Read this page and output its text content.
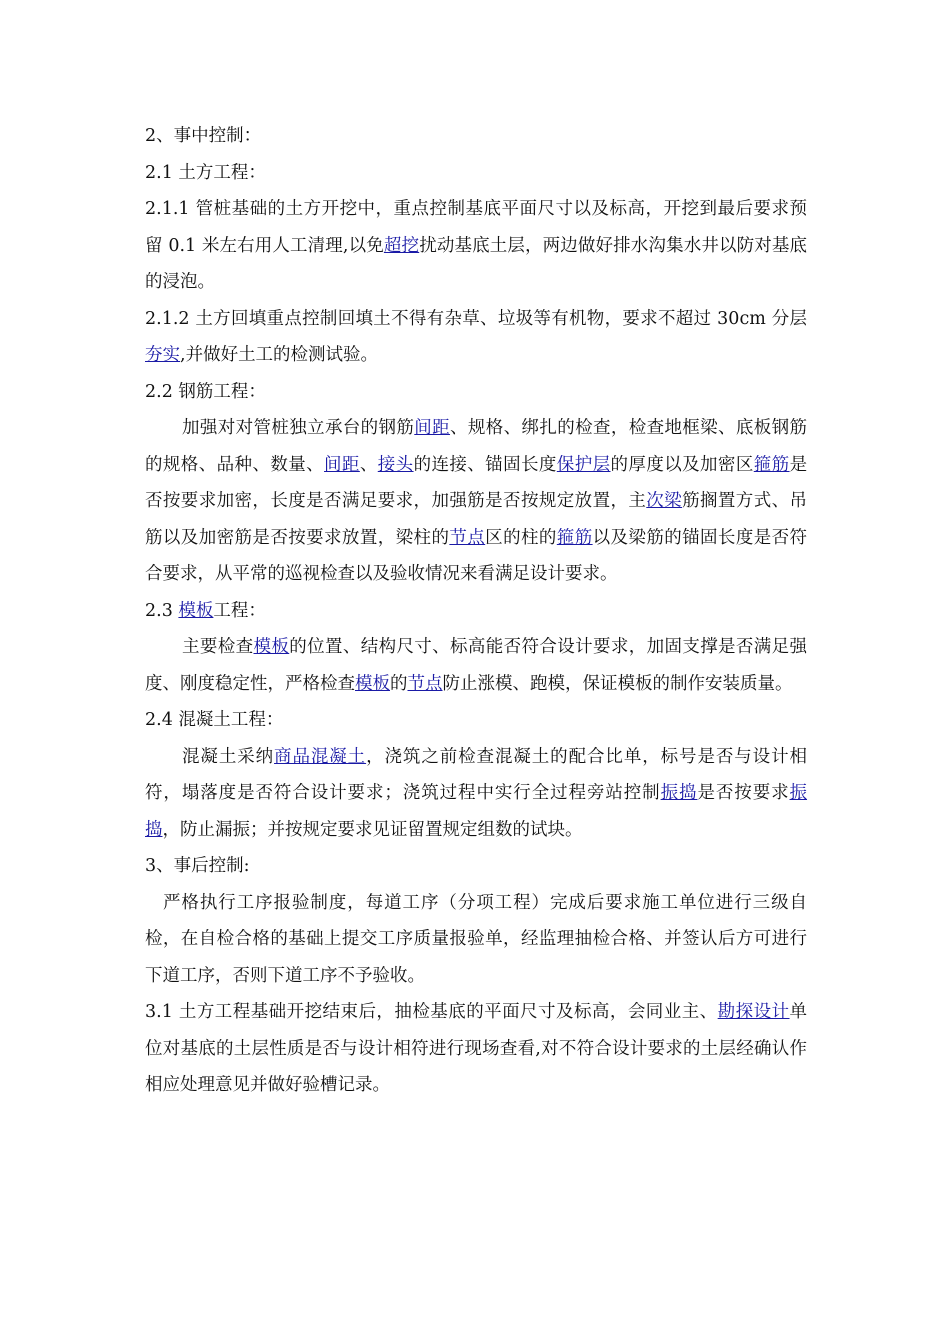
2、事中控制：

2.1 土方工程：

2.1.1 管桩基础的土方开挖中，重点控制基底平面尺寸以及标高，开挖到最后要求预留 0.1 米左右用人工清理,以免超挖扰动基底土层，两边做好排水沟集水井以防对基底的浸泡。

2.1.2 土方回填重点控制回填土不得有杂草、垃圾等有机物，要求不超过 30cm 分层夯实,并做好土工的检测试验。

2.2 钢筋工程：

加强对对管桩独立承台的钢筋间距、规格、绑扎的检查，检查地框梁、底板钢筋的规格、品种、数量、间距、接头的连接、锚固长度保护层的厚度以及加密区箍筋是否按要求加密，长度是否满足要求，加强筋是否按规定放置，主次梁筋搁置方式、吊筋以及加密筋是否按要求放置，梁柱的节点区的柱的箍筋以及梁筋的锚固长度是否符合要求，从平常的巡视检查以及验收情况来看满足设计要求。

2.3 模板工程：

主要检查模板的位置、结构尺寸、标高能否符合设计要求，加固支撑是否满足强度、刚度稳定性，严格检查模板的节点防止涨模、跑模，保证模板的制作安装质量。

2.4 混凝土工程：

混凝土采纳商品混凝土，浇筑之前检查混凝土的配合比单，标号是否与设计相符，塌落度是否符合设计要求；浇筑过程中实行全过程旁站控制振捣是否按要求振捣，防止漏振；并按规定要求见证留置规定组数的试块。

3、事后控制:

严格执行工序报验制度，每道工序（分项工程）完成后要求施工单位进行三级自检，在自检合格的基础上提交工序质量报验单，经监理抽检合格、并签认后方可进行下道工序，否则下道工序不予验收。

3.1 土方工程基础开挖结束后，抽检基底的平面尺寸及标高，会同业主、勘探设计单位对基底的土层性质是否与设计相符进行现场查看,对不符合设计要求的土层经确认作相应处理意见并做好验槽记录。
